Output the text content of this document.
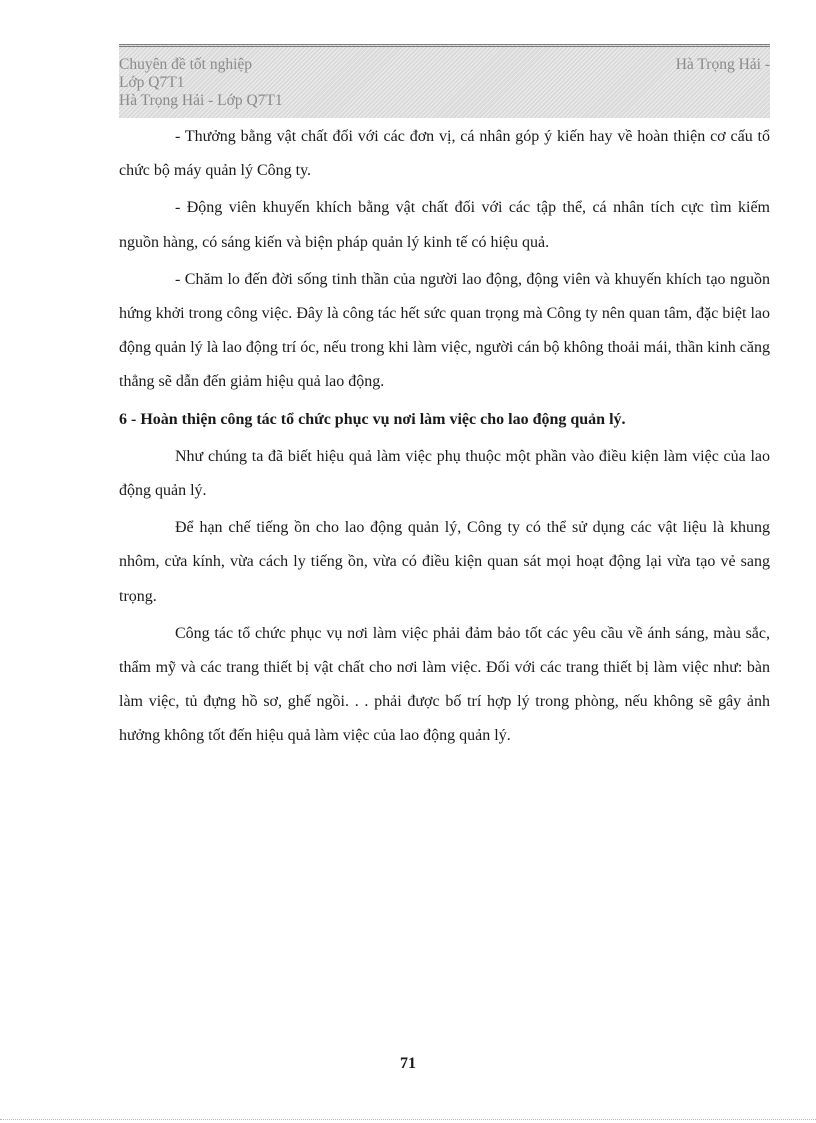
Chuyên đề tốt nghiệp	Hà Trọng Hải -
Lớp Q7T1
Hà Trọng Hải - Lớp Q7T1

- Thưởng bằng vật chất đối với các đơn vị, cá nhân góp ý kiến hay về hoàn thiện cơ cấu tổ chức bộ máy quản lý Công ty.

- Động viên khuyến khích bằng vật chất đối với các tập thể, cá nhân tích cực tìm kiếm nguồn hàng, có sáng kiến và biện pháp quản lý kinh tế có hiệu quả.

- Chăm lo đến đời sống tinh thần của người lao động, động viên và khuyến khích tạo nguồn hứng khởi trong công việc. Đây là công tác hết sức quan trọng mà Công ty nên quan tâm, đặc biệt lao động quản lý là lao động trí óc, nếu trong khi làm việc, người cán bộ không thoải mái, thần kinh căng thẳng sẽ dẫn đến giảm hiệu quả lao động.

6 - Hoàn thiện công tác tổ chức phục vụ nơi làm việc cho lao động quản lý.

Như chúng ta đã biết hiệu quả làm việc phụ thuộc một phần vào điều kiện làm việc của lao động quản lý.

Để hạn chế tiếng ồn cho lao động quản lý, Công ty có thể sử dụng các vật liệu là khung nhôm, cửa kính, vừa cách ly tiếng ồn, vừa có điều kiện quan sát mọi hoạt động lại vừa tạo vẻ sang trọng.

Công tác tổ chức phục vụ nơi làm việc phải đảm bảo tốt các yêu cầu về ánh sáng, màu sắc, thẩm mỹ và các trang thiết bị vật chất cho nơi làm việc. Đối với các trang thiết bị làm việc như: bàn làm việc, tủ đựng hồ sơ, ghế ngồi. . . phải được bố trí hợp lý trong phòng, nếu không sẽ gây ảnh hưởng không tốt đến hiệu quả làm việc của lao động quản lý.

71
